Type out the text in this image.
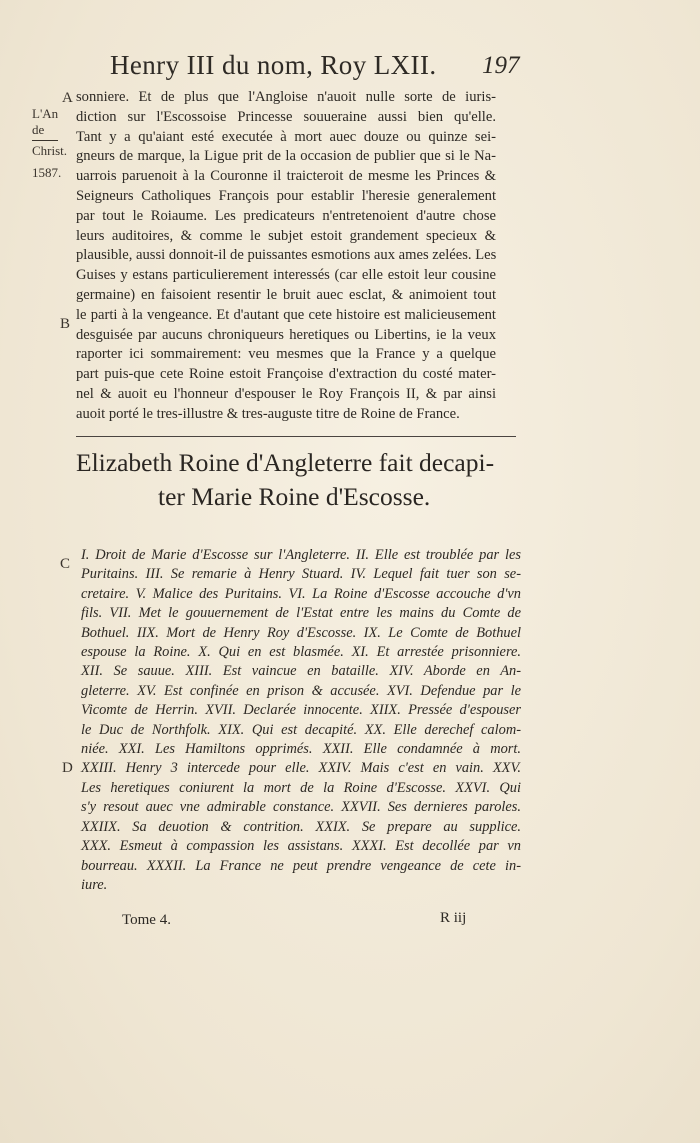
Henry III du nom, Roy LXII.	197
A
L'An de
Christ.
1587.
B
sonniere. Et de plus que l'Angloise n'auoit nulle sorte de iuris-
diction sur l'Escossoise Princesse souueraine aussi bien qu'elle.
Tant y a qu'aiant esté executée à mort auec douze ou quinze sei-
gneurs de marque, la Ligue prit de la occasion de publier que si le Na-
uarrois paruenoit à la Couronne il traicteroit de mesme les Princes &
Seigneurs Catholiques François pour establir l'heresie generalement
par tout le Roiaume. Les predicateurs n'entretenoient d'autre chose
leurs auditoires, & comme le subjet estoit grandement specieux &
plausible, aussi donnoit-il de puissantes esmotions aux ames zelées. Les
Guises y estans particulierement interessés (car elle estoit leur cousine
germaine) en faisoient resentir le bruit auec esclat, & animoient tout
le parti à la vengeance. Et d'autant que cete histoire est malicieusement
desguisée par aucuns chroniqueurs heretiques ou Libertins, ie la veux
raporter ici sommairement: veu mesmes que la France y a quelque
part puis-que cete Roine estoit Françoise d'extraction du costé mater-
nel & auoit eu l'honneur d'espouser le Roy François II, & par ainsi
auoit porté le tres-illustre & tres-auguste titre de Roine de France.
Elizabeth Roine d'Angleterre fait decapi-
ter Marie Roine d'Escosse.
C
D
I. Droit de Marie d'Escosse sur l'Angleterre. II. Elle est troublée par les
Puritains. III. Se remarie à Henry Stuard. IV. Lequel fait tuer son se-
cretaire. V. Malice des Puritains. VI. La Roine d'Escosse accouche d'vn
fils. VII. Met le gouuernement de l'Estat entre les mains du Comte de
Bothuel. IIX. Mort de Henry Roy d'Escosse. IX. Le Comte de Bothuel
espouse la Roine. X. Qui en est blasmée. XI. Et arrestée prisonniere.
XII. Se sauue. XIII. Est vaincue en bataille. XIV. Aborde en An-
gleterre. XV. Est confinée en prison & accusée. XVI. Defendue par le
Vicomte de Herrin. XVII. Declarée innocente. XIIX. Pressée d'espouser
le Duc de Northfolk. XIX. Qui est decapité. XX. Elle derechef calom-
niée. XXI. Les Hamiltons opprimés. XXII. Elle condamnée à mort.
XXIII. Henry 3 intercede pour elle. XXIV. Mais c'est en vain. XXV.
Les heretiques coniurent la mort de la Roine d'Escosse. XXVI. Qui
s'y resout auec vne admirable constance. XXVII. Ses dernieres paroles.
XXIIX. Sa deuotion & contrition. XXIX. Se prepare au supplice.
XXX. Esmeut à compassion les assistans. XXXI. Est decollée par vn
bourreau. XXXII. La France ne peut prendre vengeance de cete in-
iure.
Tome 4.	R iij
